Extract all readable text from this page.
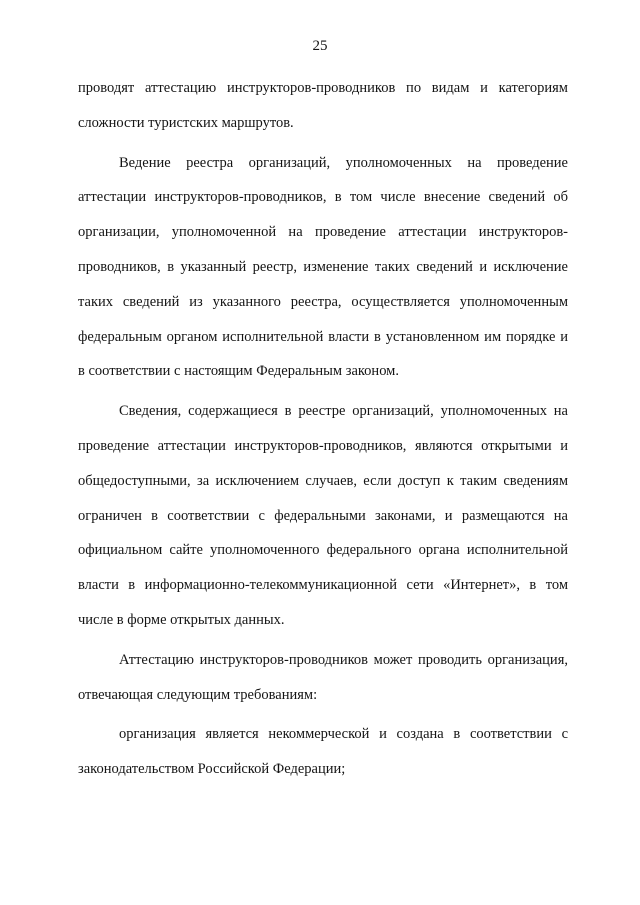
25

проводят аттестацию инструкторов-проводников по видам и категориям сложности туристских маршрутов.

Ведение реестра организаций, уполномоченных на проведение аттестации инструкторов-проводников, в том числе внесение сведений об организации, уполномоченной на проведение аттестации инструкторов-проводников, в указанный реестр, изменение таких сведений и исключение таких сведений из указанного реестра, осуществляется уполномоченным федеральным органом исполнительной власти в установленном им порядке и в соответствии с настоящим Федеральным законом.

Сведения, содержащиеся в реестре организаций, уполномоченных на проведение аттестации инструкторов-проводников, являются открытыми и общедоступными, за исключением случаев, если доступ к таким сведениям ограничен в соответствии с федеральными законами, и размещаются на официальном сайте уполномоченного федерального органа исполнительной власти в информационно-телекоммуникационной сети «Интернет», в том числе в форме открытых данных.

Аттестацию инструкторов-проводников может проводить организация, отвечающая следующим требованиям:

организация является некоммерческой и создана в соответствии с законодательством Российской Федерации;
